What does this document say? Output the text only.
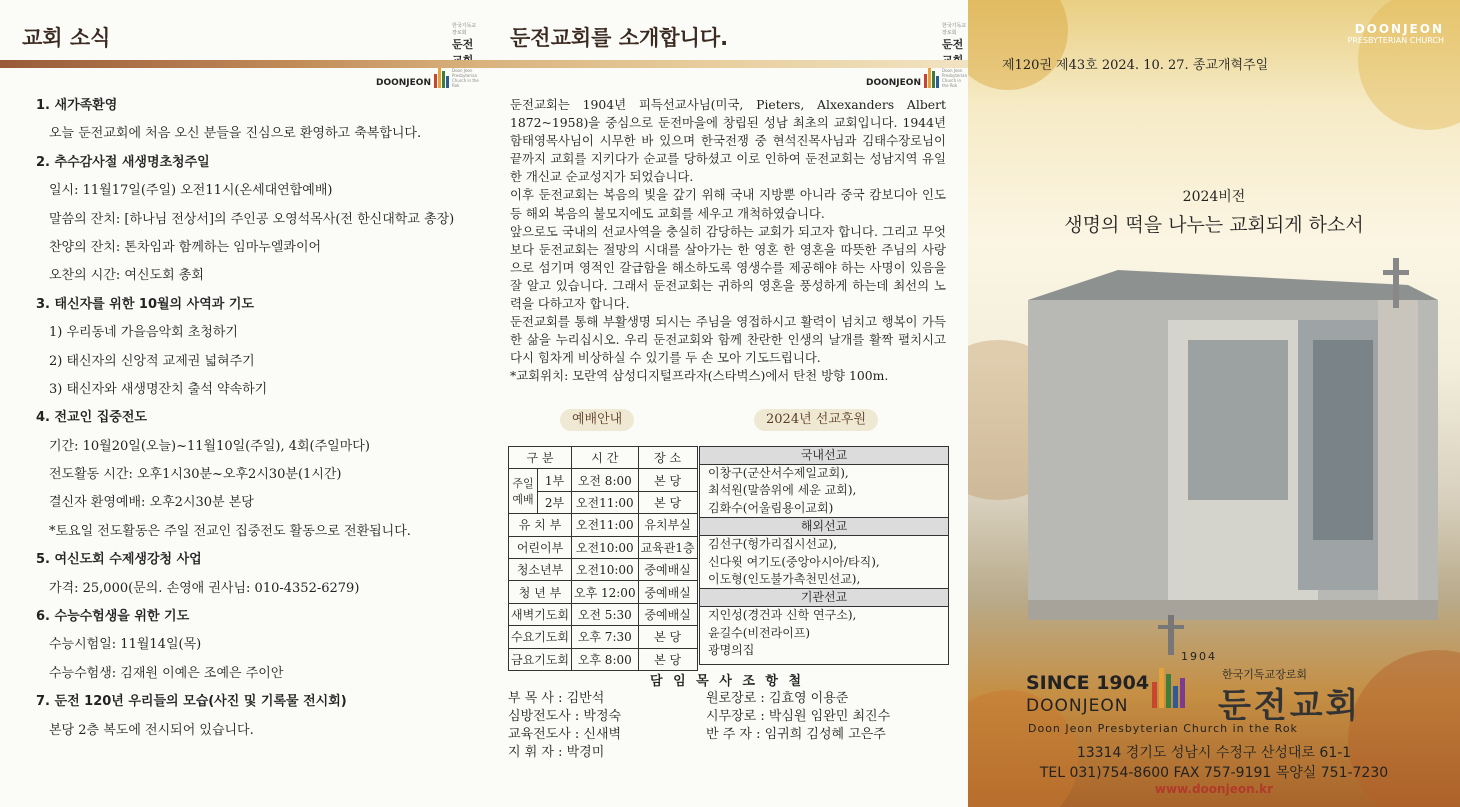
교회 소식
DOONJEON
한국기독교장로회
둔전
Doon Jeon Presbyterian Church in the Rok
1. 새가족환영
오늘 둔전교회에 처음 오신 분들을 진심으로 환영하고 축복합니다.
2. 추수감사절 새생명초청주일
일시: 11월17일(주일) 오전11시(온세대연합예배)
말씀의 잔치: [하나님 전상서]의 주인공 오영석목사(전 한신대학교 총장)
찬양의 잔치: 톤차임과 함께하는 임마누엘콰이어
오찬의 시간: 여신도회 총회
3. 태신자를 위한 10월의 사역과 기도
1) 우리동네 가을음악회 초청하기
2) 태신자의 신앙적 교제권 넓혀주기
3) 태신자와 새생명잔치 출석 약속하기
4. 전교인 집중전도
기간: 10월20일(오늘)~11월10일(주일), 4회(주일마다)
전도활동 시간: 오후1시30분~오후2시30분(1시간)
결신자 환영예배: 오후2시30분 본당
*토요일 전도활동은 주일 전교인 집중전도 활동으로 전환됩니다.
5. 여신도회 수제생강청 사업
가격: 25,000(문의. 손영애 권사님: 010-4352-6279)
6. 수능수험생을 위한 기도
수능시험일: 11월14일(목)
수능수험생: 김재원 이예은 조예은 주이안
7. 둔전 120년 우리들의 모습(사진 및 기록물 전시회)
본당 2층 복도에 전시되어 있습니다.
둔전교회를 소개합니다.
DOONJEON
한국기독교장로회
둔전
Doon Jeon Presbyterian Church in the Rok
둔전교회는 1904년 피득선교사님(미국, Pieters, Alxexanders Albert 1872~1958)을 중심으로 둔전마을에 창립된 성남 최초의 교회입니다. 1944년 함태영목사님이 시무한 바 있으며 한국전쟁 중 현석진목사님과 김태수장로님이 끝까지 교회를 지키다가 순교를 당하셨고 이로 인하여 둔전교회는 성남지역 유일한 개신교 순교성지가 되었습니다.
이후 둔전교회는 복음의 빛을 갚기 위해 국내 지방뿐 아니라 중국 캄보디아 인도 등 해외 복음의 불모지에도 교회를 세우고 개척하였습니다.
앞으로도 국내의 선교사역을 충실히 감당하는 교회가 되고자 합니다. 그리고 무엇보다 둔전교회는 절망의 시대를 살아가는 한 영혼 한 영혼을 따뜻한 주님의 사랑으로 섬기며 영적인 갈급함을 해소하도록 영생수를 제공해야 하는 사명이 있음을 잘 알고 있습니다. 그래서 둔전교회는 귀하의 영혼을 풍성하게 하는데 최선의 노력을 다하고자 합니다.
둔전교회를 통해 부활생명 되시는 주님을 영접하시고 활력이 넘치고 행복이 가득한 삶을 누리십시오. 우리 둔전교회와 함께 찬란한 인생의 날개를 활짝 펼치시고 다시 힘차게 비상하실 수 있기를 두 손 모아 기도드립니다.
*교회위치: 모란역 삼성디지털프라자(스타벅스)에서 탄천 방향 100m.
예배안내	2024년 선교후원
구 분		시 간	장 소
주일 예배	1부	오전 8:00	본 당
	2부	오전11:00	본 당
유 치 부		오전11:00	유치부실
어린이부		오전10:00	교육관1층
청소년부		오전10:00	중예배실
청 년 부		오후 12:00	중예배실
새벽기도회		오전 5:30	중예배실
수요기도회		오후 7:30	본 당
금요기도회		오후 8:00	본 당
국내선교
이창구(군산서수제일교회),
최석원(말씀위에 세운 교회),
김화수(어울림용이교회)
해외선교
김선구(헝가리집시선교),
신다윗 여기도(중앙아시아/타직),
이도형(인도불가촉천민선교),
기관선교
지인성(경건과 신학 연구소),
윤길수(비전라이프)
광명의집
담 임 목 사 조 항 철
부 목 사 : 김반석
심방전도사 : 박정숙
교육전도사 : 신새벽
지 휘 자 : 박경미
원로장로 : 김효영 이용준
시무장로 : 박심원 임완민 최진수
반 주 자 : 임귀희 김성혜 고은주
제120권 제43호 2024. 10. 27. 종교개혁주일
DOONJEON
PRESBYTERIAN CHURCH
2024비전
생명의 떡을 나누는 교회되게 하소서
SINCE 1904
1904
DOONJEON
한국기독교장로회
둔전교회
Doon Jeon Presbyterian Church in the Rok
13314 경기도 성남시 수정구 산성대로 61-1
TEL 031)754-8600 FAX 757-9191 목양실 751-7230
www.doonjeon.kr
